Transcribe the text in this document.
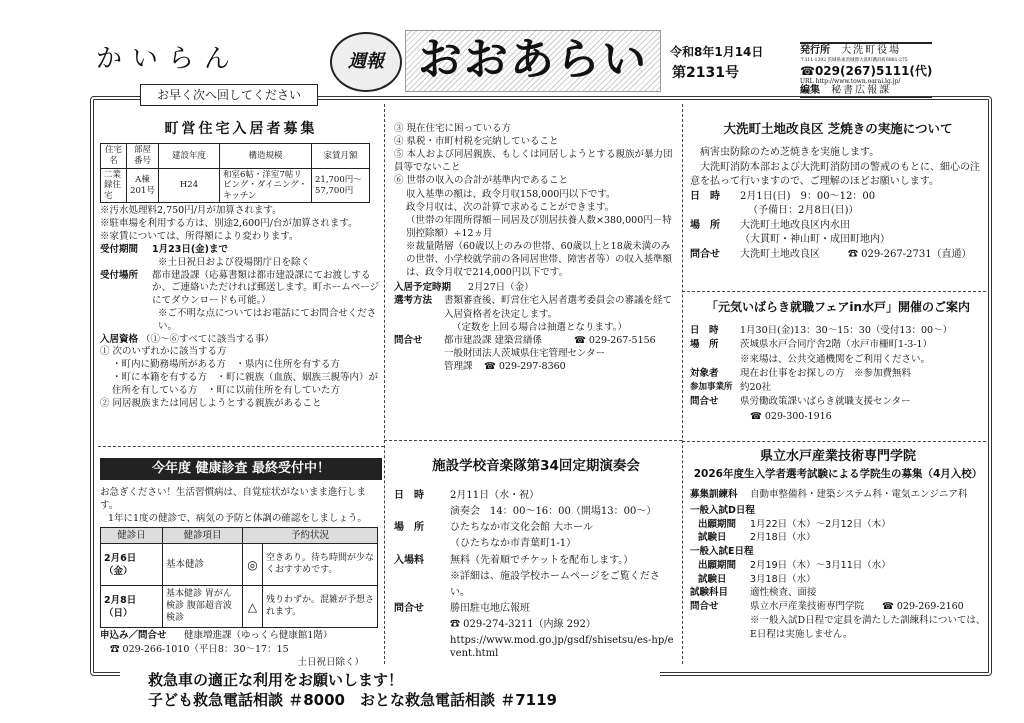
かいらん
お早く次へ回してください
週報 おおあらい	令和8年1月14日
第2131号
発行所 大洗町役場
〒311-1392 茨城県東茨城郡大洗町磯浜町6881-275
☎029(267)5111(代)
URL http://www.town.oarai.lg.jp/
編集 秘書広報課
町営住宅入居者募集
住宅名	部屋番号	建設年度	構造規模	家賃月額
二業録住宅	A棟201号	H24	和室6帖・洋室7帖リビング・ダイニング・キッチン	21,700円～57,700円
※汚水処理料2,750円/月が加算されます。
※駐車場を利用する方は、別途2,600円/台が加算されます。
※家賃については、所得額により変わります。
受付期間	1月23日(金)まで
※土日祝日および役場閉庁日を除く
受付場所	都市建設課（応募書類は都市建設課にてお渡しするか、ご連絡いただければ郵送します。町ホームページにてダウンロードも可能。）
※ご不明な点についてはお電話にてお問合せください。
入居資格 （①～⑥すべてに該当する事）
① 次のいずれかに該当する方
・町内に勤務場所がある方　・県内に住所を有する方
・町に本籍を有する方　・町に親族（血族、姻族三親等内）が住所を有している方　・町に以前住所を有していた方
② 同居親族または同居しようとする親族があること
③ 現在住宅に困っている方
④ 県税・市町村税を完納していること
⑤ 本人および同居親族、もしくは同居しようとする親族が暴力団員等でないこと
⑥ 世帯の収入の合計が基準内であること
収入基準の額は、政令月収158,000円以下です。
政令月収は、次の計算で求めることができます。
（世帯の年間所得額－同居及び別居扶養人数×380,000円－特別控除額）÷12ヵ月
※裁量階層（60歳以上のみの世帯、60歳以上と18歳未満のみの世帯、小学校就学前の各同居世帯、障害者等）の収入基準額は、政令月収で214,000円以下です。
入居予定時期	2月27日（金）
選考方法	書類審査後、町営住宅入居者選考委員会の審議を経て入居資格者を決定します。
（定数を上回る場合は抽選となります。）
問合せ	都市建設課 建築営繕係	☎ 029-267-5156
一般財団法人茨城県住宅管理センター
管理課	☎ 029-297-8360
今年度 健康診査 最終受付中！
お急ぎください！生活習慣病は、自覚症状がないまま進行します。
1年に1度の健診で、病気の予防と体調の確認をしましょう。
健診日	健診項目	予約状況	
2月6日（金）	基本健診	◎	空きあり。待ち時間が少なくおすすめです。
2月8日（日）	基本健診 胃がん検診 腹部超音波検診	△	残りわずか。混雑が予想されます。
申込み／問合せ	健康増進課（ゆっくら健康館1階）
☎ 029-266-1010（平日8：30～17：15
土日祝日除く）
救急車の適正な利用をお願いします！
子ども救急電話相談 ＃8000　おとな救急電話相談 ＃7119
施設学校音楽隊第34回定期演奏会
日　時	2月11日（水・祝）
演奏会　14：00～16：00（開場13：00～）
場　所	ひたちなか市文化会館 大ホール
（ひたちなか市青葉町1-1）
入場料	無料（先着順でチケットを配布します。）
※詳細は、施設学校ホームページをご覧ください。
問合せ	勝田駐屯地広報班
☎ 029-274-3211（内線 292）
https://www.mod.go.jp/gsdf/shisetsu/es-hp/event.html
大洗町土地改良区 芝焼きの実施について
病害虫防除のため芝焼きを実施します。
大洗町消防本部および大洗町消防団の警戒のもとに、細心の注意を払って行いますので、ご理解のほどお願いします。
日　時	2月1日(日)　9：00～12：00
（予備日：2月8日(日)）
場　所	大洗町土地改良区内水田
（大貫町・神山町・成田町地内）
問合せ	大洗町土地改良区	☎ 029-267-2731（直通）
「元気いばらき就職フェアin水戸」開催のご案内
日　時	1月30日(金)13：30～15：30（受付13：00～）
場　所	茨城県水戸合同庁舎2階（水戸市柵町1-3-1）
※来場は、公共交通機関をご利用ください。
対象者	現在お仕事をお探しの方　※参加費無料
参加事業所 約20社
問合せ	県労働政策課いばらき就職支援センター
☎ 029-300-1916
県立水戸産業技術専門学院
2026年度生入学者選考試験による学院生の募集（4月入校）
募集訓練科	自動車整備科・建築システム科・電気エンジニア科
一般入試D日程
出願期間	1月22日（木）～2月12日（木）
試験日	2月18日（水）
一般入試E日程
出願期間	2月19日（木）～3月11日（水）
試験日	3月18日（水）
試験科目	適性検査、面接
問合せ	県立水戸産業技術専門学院	☎ 029-269-2160
※一般入試D日程で定員を満たした訓練科については、E日程は実施しません。
